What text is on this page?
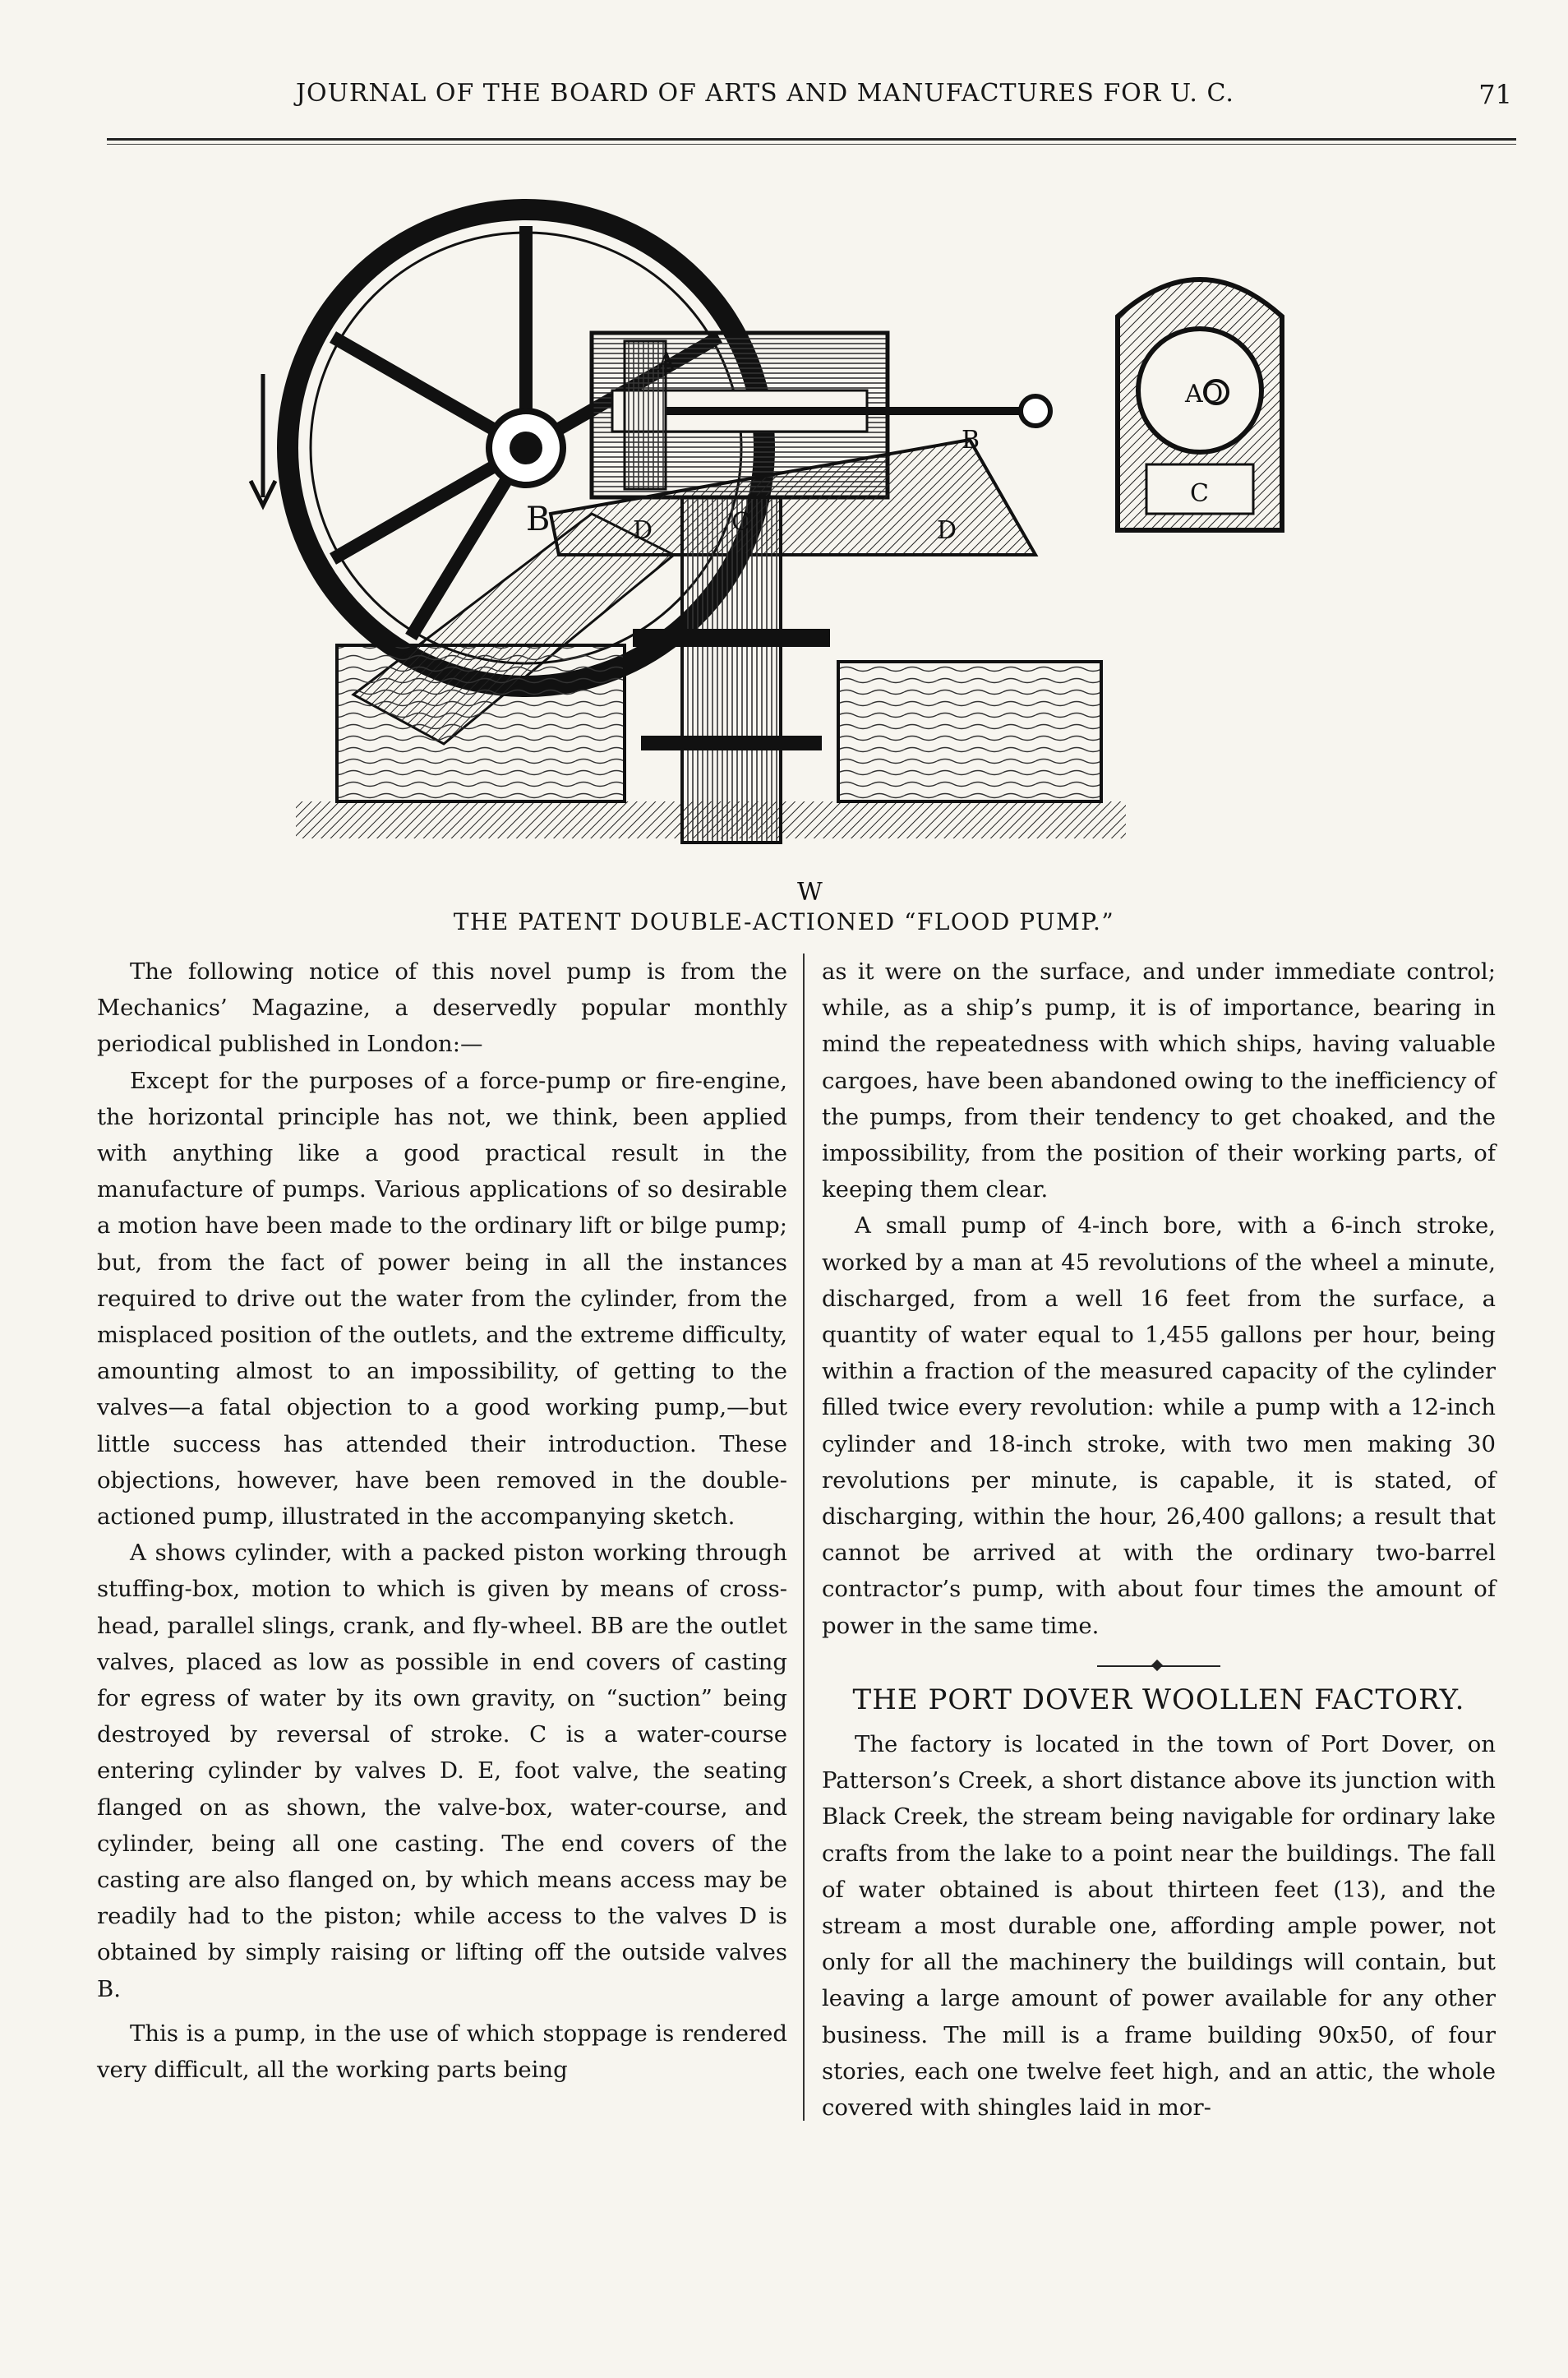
JOURNAL OF THE BOARD OF ARTS AND MANUFACTURES FOR U. C.	71
A
B
B	D	D
C
W
AO
C
THE PATENT DOUBLE-ACTIONED “FLOOD PUMP.”

The following notice of this novel pump is from the Mechanics’ Magazine, a deservedly popular monthly periodical published in London:—

Except for the purposes of a force-pump or fire-engine, the horizontal principle has not, we think, been applied with anything like a good practical result in the manufacture of pumps. Various applications of so desirable a motion have been made to the ordinary lift or bilge pump; but, from the fact of power being in all the instances required to drive out the water from the cylinder, from the misplaced position of the outlets, and the extreme difficulty, amounting almost to an impossibility, of getting to the valves—a fatal objection to a good working pump,—but little success has attended their introduction. These objections, however, have been removed in the double-actioned pump, illustrated in the accompanying sketch.

A shows cylinder, with a packed piston working through stuffing-box, motion to which is given by means of cross-head, parallel slings, crank, and fly-wheel. BB are the outlet valves, placed as low as possible in end covers of casting for egress of water by its own gravity, on “suction” being destroyed by reversal of stroke. C is a water-course entering cylinder by valves D. E, foot valve, the seating flanged on as shown, the valve-box, water-course, and cylinder, being all one casting. The end covers of the casting are also flanged on, by which means access may be readily had to the piston; while access to the valves D is obtained by simply raising or lifting off the outside valves B.

This is a pump, in the use of which stoppage is rendered very difficult, all the working parts being

as it were on the surface, and under immediate control; while, as a ship’s pump, it is of importance, bearing in mind the repeatedness with which ships, having valuable cargoes, have been abandoned owing to the inefficiency of the pumps, from their tendency to get choaked, and the impossibility, from the position of their working parts, of keeping them clear.

A small pump of 4-inch bore, with a 6-inch stroke, worked by a man at 45 revolutions of the wheel a minute, discharged, from a well 16 feet from the surface, a quantity of water equal to 1,455 gallons per hour, being within a fraction of the measured capacity of the cylinder filled twice every revolution: while a pump with a 12-inch cylinder and 18-inch stroke, with two men making 30 revolutions per minute, is capable, it is stated, of discharging, within the hour, 26,400 gallons; a result that cannot be arrived at with the ordinary two-barrel contractor’s pump, with about four times the amount of power in the same time.

THE PORT DOVER WOOLLEN FACTORY.

The factory is located in the town of Port Dover, on Patterson’s Creek, a short distance above its junction with Black Creek, the stream being navigable for ordinary lake crafts from the lake to a point near the buildings. The fall of water obtained is about thirteen feet (13), and the stream a most durable one, affording ample power, not only for all the machinery the buildings will contain, but leaving a large amount of power available for any other business. The mill is a frame building 90x50, of four stories, each one twelve feet high, and an attic, the whole covered with shingles laid in mor-
